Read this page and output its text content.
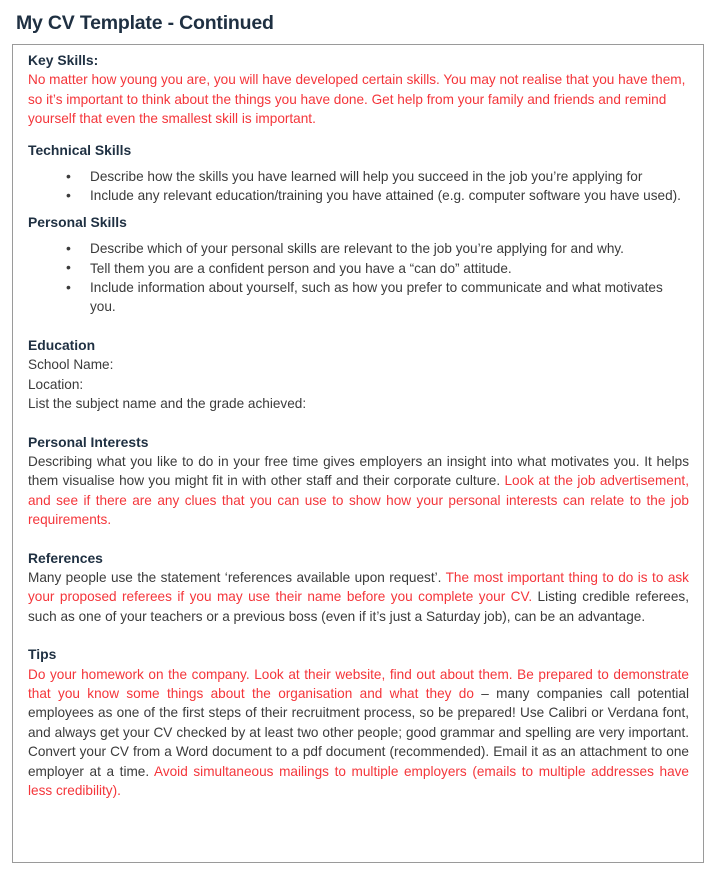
My CV Template - Continued
Key Skills:

No matter how young you are, you will have developed certain skills. You may not realise that you have them, so it’s important to think about the things you have done. Get help from your family and friends and remind yourself that even the smallest skill is important.

Technical Skills
• Describe how the skills you have learned will help you succeed in the job you’re applying for
• Include any relevant education/training you have attained (e.g. computer software you have used).
Personal Skills
• Describe which of your personal skills are relevant to the job you’re applying for and why.
• Tell them you are a confident person and you have a “can do” attitude.
• Include information about yourself, such as how you prefer to communicate and what motivates you.
Education

School Name:

Location:

List the subject name and the grade achieved:

Personal Interests

Describing what you like to do in your free time gives employers an insight into what motivates you. It helps them visualise how you might fit in with other staff and their corporate culture. Look at the job advertisement, and see if there are any clues that you can use to show how your personal interests can relate to the job requirements.

References

Many people use the statement ‘references available upon request’. The most important thing to do is to ask your proposed referees if you may use their name before you complete your CV. Listing credible referees, such as one of your teachers or a previous boss (even if it’s just a Saturday job), can be an advantage.

Tips

Do your homework on the company. Look at their website, find out about them. Be prepared to demonstrate that you know some things about the organisation and what they do – many companies call potential employees as one of the first steps of their recruitment process, so be prepared! Use Calibri or Verdana font, and always get your CV checked by at least two other people; good grammar and spelling are very important. Convert your CV from a Word document to a pdf document (recommended). Email it as an attachment to one employer at a time. Avoid simultaneous mailings to multiple employers (emails to multiple addresses have less credibility).
